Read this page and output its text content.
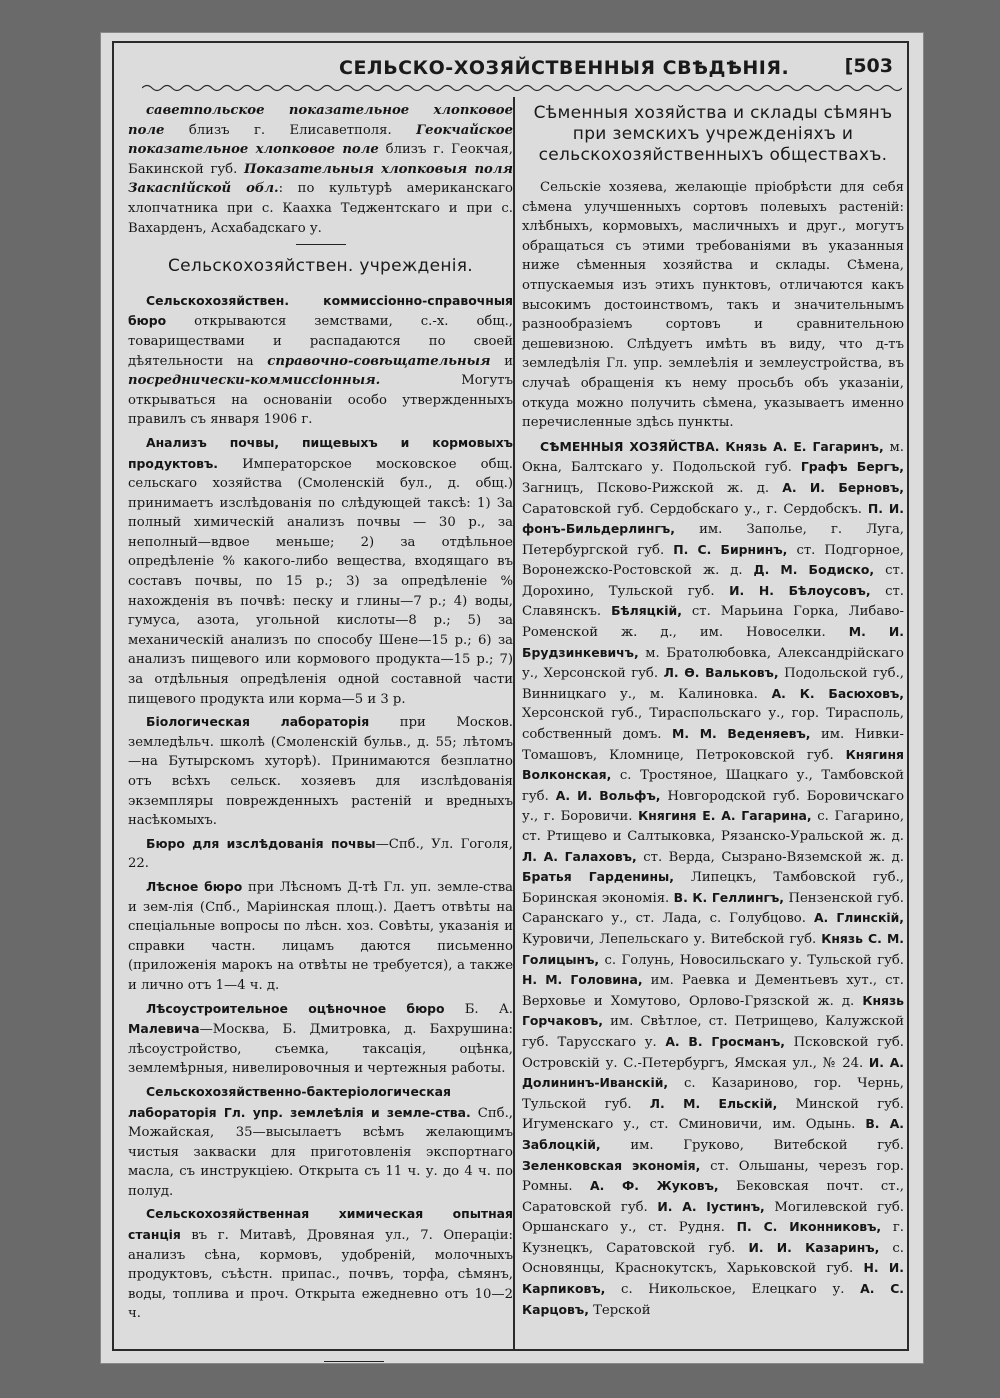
СЕЛЬСКО-ХОЗЯЙСТВЕННЫЯ СВѢДѢНІЯ.	[503

саветпольское показательное хлопковое поле близъ г. Елисаветполя. Геокчайское показательное хлопковое поле близъ г. Геокчая, Бакинской губ. Показательныя хлопковыя поля Закаспійской обл.: по культурѣ американскаго хлопчатника при с. Каахка Теджентскаго и при с. Вахарденъ, Асхабадскаго у.

Сельскохозяйствен. учрежденія.

Сельскохозяйствен. коммиссіонно-справочныя бюро открываются земствами, с.-х. общ., товариществами и распадаются по своей дѣятельности на справочно-совѣщательныя и посреднически-коммиссіонныя. Могутъ открываться на основаніи особо утвержденныхъ правилъ съ января 1906 г.

Анализъ почвы, пищевыхъ и кормовыхъ продуктовъ. Императорское московское общ. сельскаго хозяйства (Смоленскій бул., д. общ.) принимаетъ изслѣдованія по слѣдующей таксѣ: 1) За полный химическій анализъ почвы — 30 р., за неполный—вдвое меньше; 2) за отдѣльное опредѣленіе % какого-либо вещества, входящаго въ составъ почвы, по 15 р.; 3) за опредѣленіе % нахожденія въ почвѣ: песку и глины—7 р.; 4) воды, гумуса, азота, угольной кислоты—8 р.; 5) за механическій анализъ по способу Шене—15 р.; 6) за анализъ пищевого или кормового продукта—15 р.; 7) за отдѣльныя опредѣленія одной составной части пищевого продукта или корма—5 и 3 р.

Біологическая лабораторія при Москов. земледѣльч. школѣ (Смоленскій бульв., д. 55; лѣтомъ—на Бутырскомъ хуторѣ). Принимаются безплатно отъ всѣхъ сельск. хозяевъ для изслѣдованія экземпляры поврежденныхъ растеній и вредныхъ насѣкомыхъ.

Бюро для изслѣдованія почвы—Спб., Ул. Гоголя, 22.

Лѣсное бюро при Лѣсномъ Д-тѣ Гл. уп. земле-ства и зем-лія (Спб., Маріинская площ.). Даетъ отвѣты на спеціальные вопросы по лѣсн. хоз. Совѣты, указанія и справки частн. лицамъ даются письменно (приложенія марокъ на отвѣты не требуется), а также и лично отъ 1—4 ч. д.

Лѣсоустроительное оцѣночное бюро Б. А. Малевича—Москва, Б. Дмитровка, д. Бахрушина: лѣсоустройство, съемка, таксація, оцѣнка, землемѣрныя, нивелировочныя и чертежныя работы.

Сельскохозяйственно-бактеріологическая лабораторія Гл. упр. землеѣлія и земле-ства. Спб., Можайская, 35—высылаетъ всѣмъ желающимъ чистыя закваски для приготовленія экспортнаго масла, съ инструкціею. Открыта съ 11 ч. у. до 4 ч. по полуд.

Сельскохозяйственная химическая опытная станція въ г. Митавѣ, Дровяная ул., 7. Операціи: анализъ сѣна, кормовъ, удобреній, молочныхъ продуктовъ, съѣстн. припас., почвъ, торфа, сѣмянъ, воды, топлива и проч. Открыта ежедневно отъ 10—2 ч.

Сѣменныя хозяйства и склады сѣмянъ при земскихъ учрежденіяхъ и сельскохозяйственныхъ обществахъ.

Сельскіе хозяева, желающіе пріобрѣсти для себя сѣмена улучшенныхъ сортовъ полевыхъ растеній: хлѣбныхъ, кормовыхъ, масличныхъ и друг., могутъ обращаться съ этими требованіями въ указанныя ниже сѣменныя хозяйства и склады. Сѣмена, отпускаемыя изъ этихъ пунктовъ, отличаются какъ высокимъ достоинствомъ, такъ и значительнымъ разнообразіемъ сортовъ и сравнительною дешевизною. Слѣдуетъ имѣть въ виду, что д-тъ земледѣлія Гл. упр. землеѣлія и землеустройства, въ случаѣ обращенія къ нему просьбъ объ указаніи, откуда можно получить сѣмена, указываетъ именно перечисленные здѣсь пункты.

СѢМЕННЫЯ ХОЗЯЙСТВА. Князь А. Е. Гагаринъ, м. Окна, Балтскаго у. Подольской губ. Графъ Бергъ, Загницъ, Псково-Рижской ж. д. А. И. Берновъ, Саратовской губ. Сердобскаго у., г. Сердобскъ. П. И. фонъ-Бильдерлингъ, им. Заполье, г. Луга, Петербургской губ. П. С. Бирнинъ, ст. Подгорное, Воронежско-Ростовской ж. д. Д. М. Бодиско, ст. Дорохино, Тульской губ. И. Н. Бѣлоусовъ, ст. Славянскъ. Бѣляцкій, ст. Марьина Горка, Либаво-Роменской ж. д., им. Новоселки. М. И. Брудзинкевичъ, м. Братолюбовка, Александрійскаго у., Херсонской губ. Л. Ѳ. Вальковъ, Подольской губ., Винницкаго у., м. Калиновка. А. К. Басюховъ, Херсонской губ., Тираспольскаго у., гор. Тирасполь, собственный домъ. М. М. Веденяевъ, им. Нивки-Томашовъ, Кломнице, Петроковской губ. Княгиня Волконская, с. Тростяное, Шацкаго у., Тамбовской губ. А. И. Вольфъ, Новгородской губ. Боровичскаго у., г. Боровичи. Княгиня Е. А. Гагарина, с. Гагарино, ст. Ртищево и Салтыковка, Рязанско-Уральской ж. д. Л. А. Галаховъ, ст. Верда, Сызрано-Вяземской ж. д. Братья Гарденины, Липецкъ, Тамбовской губ., Боринская экономія. В. К. Геллингъ, Пензенской губ. Саранскаго у., ст. Лада, с. Голубцово. А. Глинскій, Куровичи, Лепельскаго у. Витебской губ. Князь С. М. Голицынъ, с. Голунь, Новосильскаго у. Тульской губ. Н. М. Головина, им. Раевка и Дементьевъ хут., ст. Верховье и Хомутово, Орлово-Грязской ж. д. Князь Горчаковъ, им. Свѣтлое, ст. Петрищево, Калужской губ. Тарусскаго у. А. В. Гросманъ, Псковской губ. Островскій у. С.-Петербургъ, Ямская ул., № 24. И. А. Долининъ-Иванскій, с. Казариново, гор. Чернь, Тульской губ. Л. М. Ельскій, Минской губ. Игуменскаго у., ст. Сминовичи, им. Одынь. В. А. Заблоцкій, им. Груково, Витебской губ. Зеленковская экономія, ст. Ольшаны, черезъ гор. Ромны. А. Ф. Жуковъ, Бековская почт. ст., Саратовской губ. И. А. Іустинъ, Могилевской губ. Оршанскаго у., ст. Рудня. П. С. Иконниковъ, г. Кузнецкъ, Саратовской губ. И. И. Казаринъ, с. Основянцы, Краснокутскъ, Харьковской губ. Н. И. Карпиковъ, с. Никольское, Елецкаго у. А. С. Карцовъ, Терской
